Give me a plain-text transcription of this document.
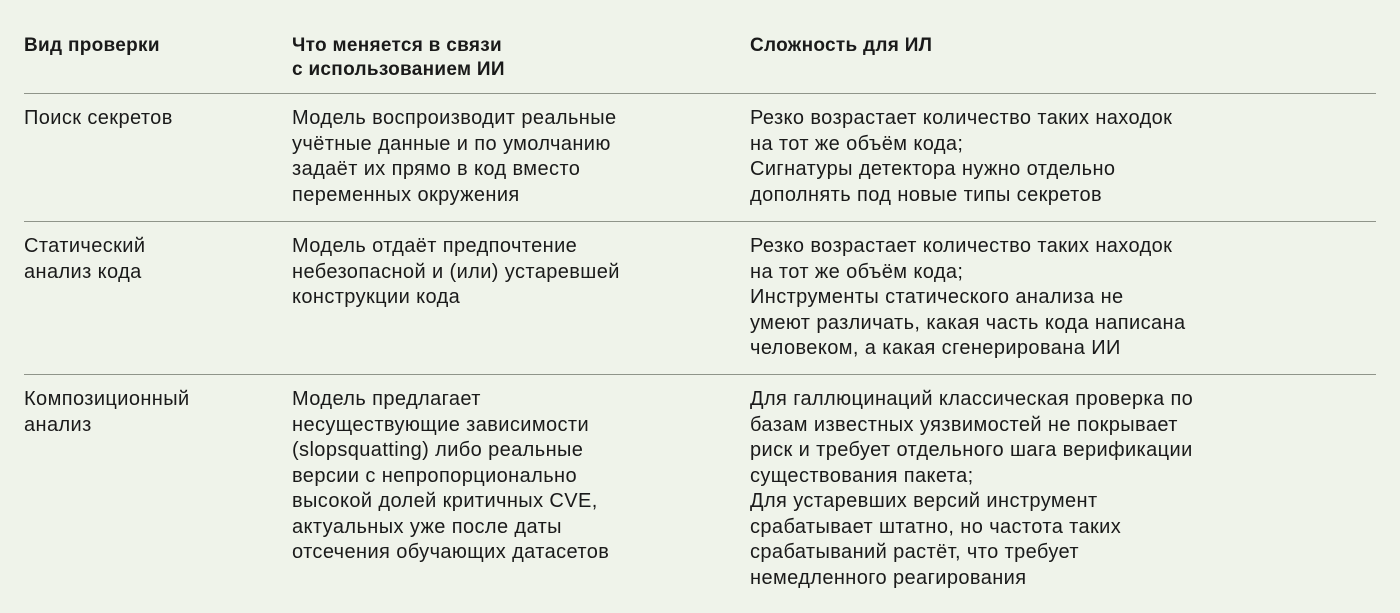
Вид проверки	Что меняется в связи
с использованием ИИ
Сложность для ИЛ
Поиск секретов	Модель воспроизводит реальные
учётные данные и по умолчанию
задаёт их прямо в код вместо
переменных окружения
Резко возрастает количество таких находок
на тот же объём кода;
Сигнатуры детектора нужно отдельно
дополнять под новые типы секретов
Статический
анализ кода
Модель отдаёт предпочтение
небезопасной и (или) устаревшей
конструкции кода
Резко возрастает количество таких находок
на тот же объём кода;
Инструменты статического анализа не
умеют различать, какая часть кода написана
человеком, а какая сгенерирована ИИ
Композиционный
анализ
Модель предлагает
несуществующие зависимости
(slopsquatting) либо реальные
версии с непропорционально
высокой долей критичных CVE,
актуальных уже после даты
отсечения обучающих датасетов
Для галлюцинаций классическая проверка по
базам известных уязвимостей не покрывает
риск и требует отдельного шага верификации
существования пакета;
Для устаревших версий инструмент
срабатывает штатно, но частота таких
срабатываний растёт, что требует
немедленного реагирования
